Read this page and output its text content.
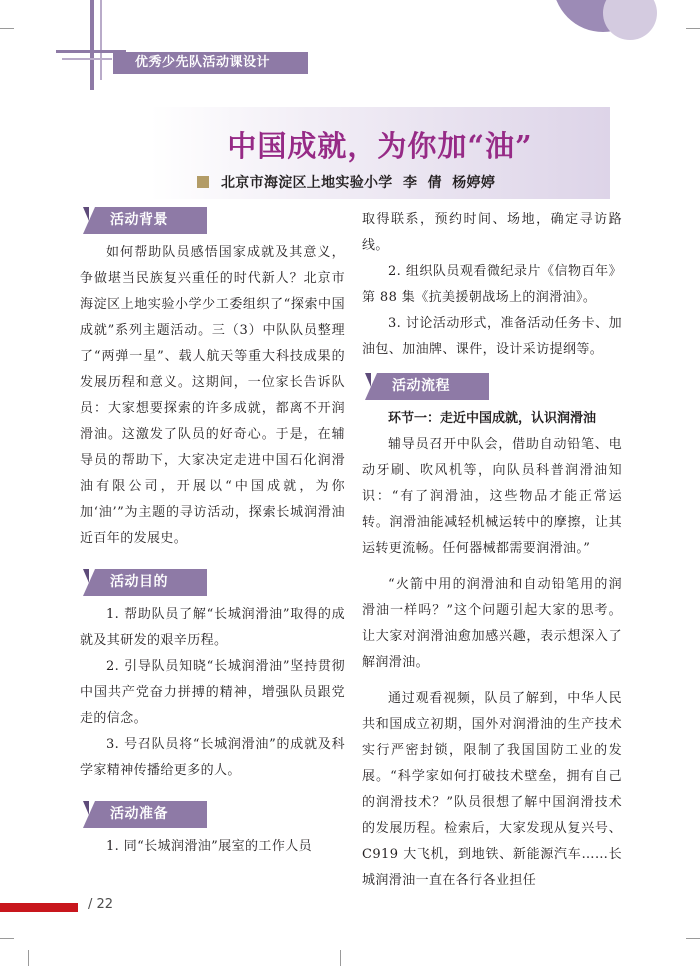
优秀少先队活动课设计
中国成就，为你加“油”
北京市海淀区上地实验小学  李  倩  杨婷婷
活动背景

如何帮助队员感悟国家成就及其意义，争做堪当民族复兴重任的时代新人？北京市海淀区上地实验小学少工委组织了“探索中国成就”系列主题活动。三（3）中队队员整理了“两弹一星”、载人航天等重大科技成果的发展历程和意义。这期间，一位家长告诉队员：大家想要探索的许多成就，都离不开润滑油。这激发了队员的好奇心。于是，在辅导员的帮助下，大家决定走进中国石化润滑油有限公司，开展以“中国成就，为你加‘油’”为主题的寻访活动，探索长城润滑油近百年的发展史。

活动目的

1. 帮助队员了解“长城润滑油”取得的成就及其研发的艰辛历程。

2. 引导队员知晓“长城润滑油”坚持贯彻中国共产党奋力拼搏的精神，增强队员跟党走的信念。

3. 号召队员将“长城润滑油”的成就及科学家精神传播给更多的人。

活动准备

1. 同“长城润滑油”展室的工作人员

取得联系，预约时间、场地，确定寻访路线。

2. 组织队员观看微纪录片《信物百年》第 88 集《抗美援朝战场上的润滑油》。

3. 讨论活动形式，准备活动任务卡、加油包、加油牌、课件，设计采访提纲等。

活动流程
环节一：走近中国成就，认识润滑油

辅导员召开中队会，借助自动铅笔、电动牙刷、吹风机等，向队员科普润滑油知识：“有了润滑油，这些物品才能正常运转。润滑油能减轻机械运转中的摩擦，让其运转更流畅。任何器械都需要润滑油。”

“火箭中用的润滑油和自动铅笔用的润滑油一样吗？”这个问题引起大家的思考。让大家对润滑油愈加感兴趣，表示想深入了解润滑油。

通过观看视频，队员了解到，中华人民共和国成立初期，国外对润滑油的生产技术实行严密封锁，限制了我国国防工业的发展。“科学家如何打破技术壁垒，拥有自己的润滑技术？”队员很想了解中国润滑技术的发展历程。检索后，大家发现从复兴号、C919 大飞机，到地铁、新能源汽车……长城润滑油一直在各行各业担任

/ 22
